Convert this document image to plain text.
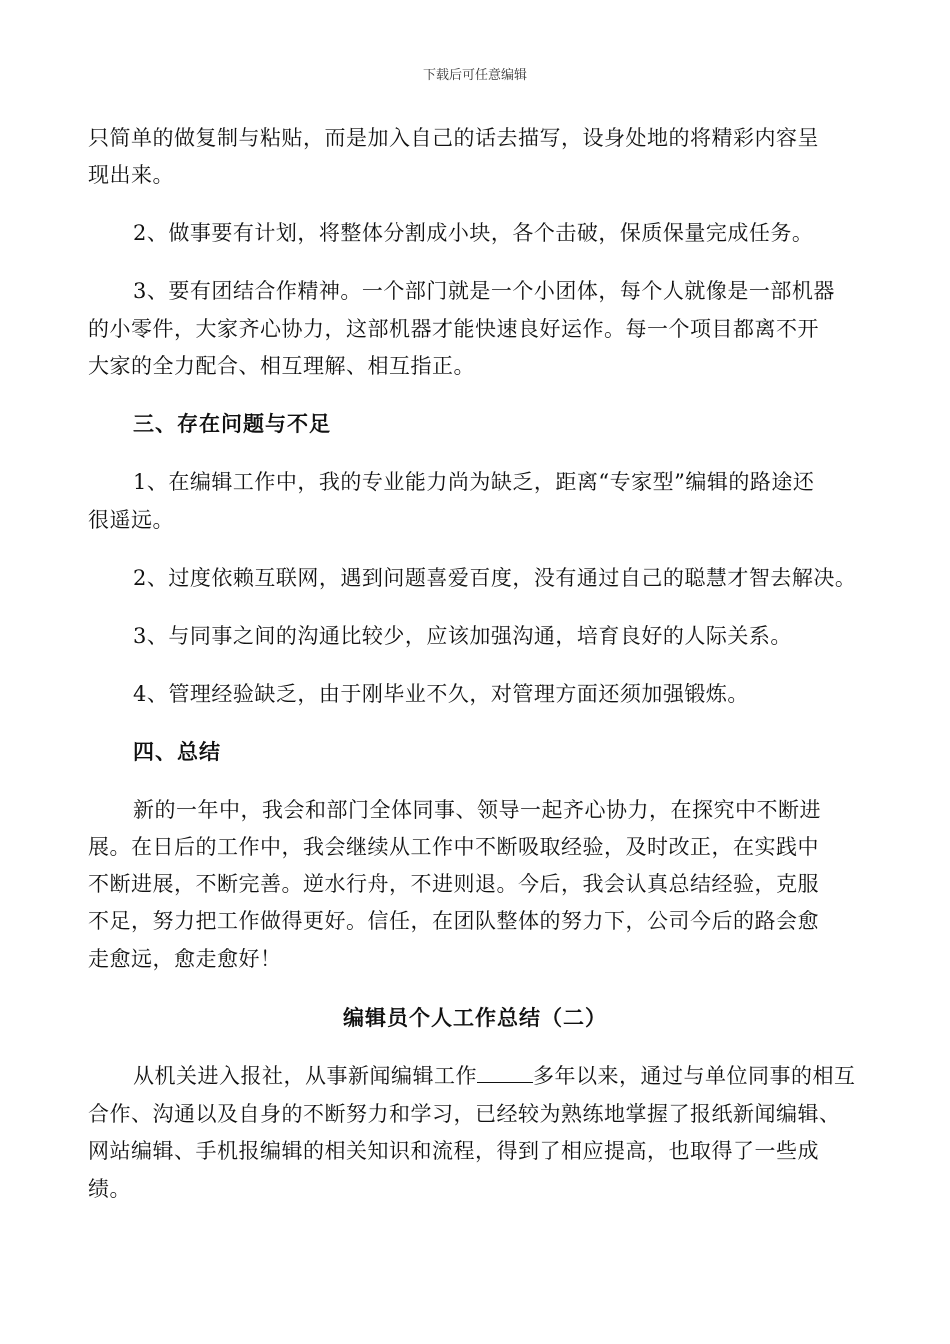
下载后可任意编辑
只简单的做复制与粘贴，而是加入自己的话去描写，设身处地的将精彩内容呈
现出来。
2、做事要有计划，将整体分割成小块，各个击破，保质保量完成任务。
3、要有团结合作精神。一个部门就是一个小团体，每个人就像是一部机器
的小零件，大家齐心协力，这部机器才能快速良好运作。每一个项目都离不开
大家的全力配合、相互理解、相互指正。
三、存在问题与不足
1、在编辑工作中，我的专业能力尚为缺乏，距离“专家型”编辑的路途还
很遥远。
2、过度依赖互联网，遇到问题喜爱百度，没有通过自己的聪慧才智去解决。
3、与同事之间的沟通比较少，应该加强沟通，培育良好的人际关系。
4、管理经验缺乏，由于刚毕业不久，对管理方面还须加强锻炼。
四、总结
新的一年中，我会和部门全体同事、领导一起齐心协力，在探究中不断进
展。在日后的工作中，我会继续从工作中不断吸取经验，及时改正，在实践中
不断进展，不断完善。逆水行舟，不进则退。今后，我会认真总结经验，克服
不足，努力把工作做得更好。信任，在团队整体的努力下，公司今后的路会愈
走愈远，愈走愈好！
编辑员个人工作总结（二）
从机关进入报社，从事新闻编辑工作	多年以来，通过与单位同事的相互
合作、沟通以及自身的不断努力和学习，已经较为熟练地掌握了报纸新闻编辑、
网站编辑、手机报编辑的相关知识和流程，得到了相应提高，也取得了一些成
绩。
